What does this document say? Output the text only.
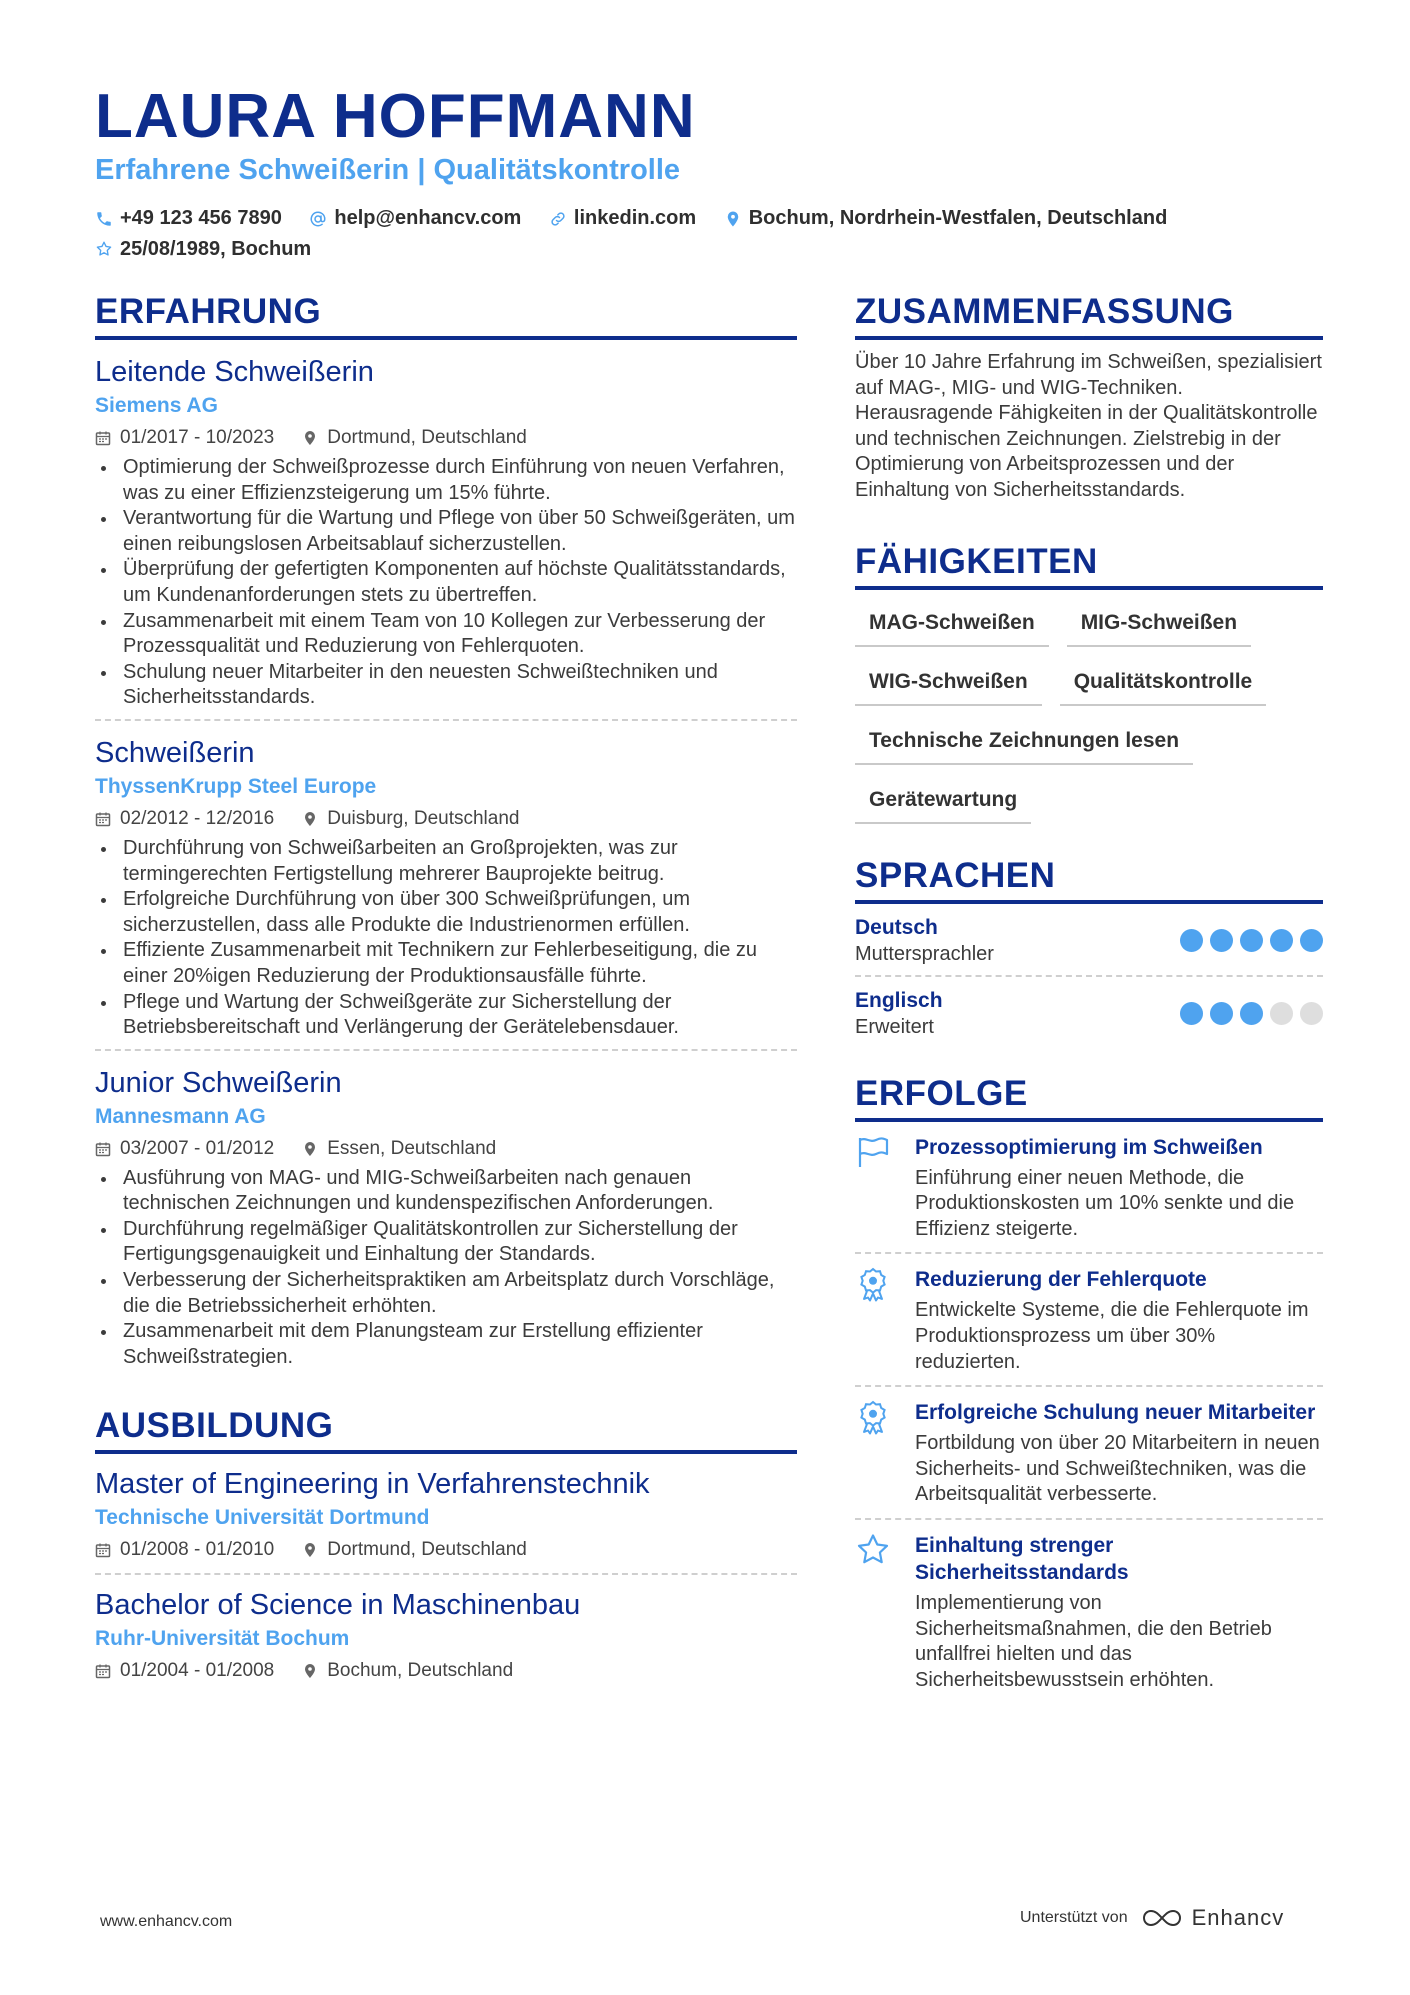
LAURA HOFFMANN
Erfahrene Schweißerin | Qualitätskontrolle
+49 123 456 7890
	help@enhancv.com
	linkedin.com
	Bochum, Nordrhein-Westfalen, Deutschland
25/08/1989, Bochum
ERFAHRUNG
Leitende Schweißerin
Siemens AG
01/2017 - 10/2023	Dortmund, Deutschland
Optimierung der Schweißprozesse durch Einführung von neuen Verfahren, was zu einer Effizienzsteigerung um 15% führte.
Verantwortung für die Wartung und Pflege von über 50 Schweißgeräten, um einen reibungslosen Arbeitsablauf sicherzustellen.
Überprüfung der gefertigten Komponenten auf höchste Qualitätsstandards, um Kundenanforderungen stets zu übertreffen.
Zusammenarbeit mit einem Team von 10 Kollegen zur Verbesserung der Prozessqualität und Reduzierung von Fehlerquoten.
Schulung neuer Mitarbeiter in den neuesten Schweißtechniken und Sicherheitsstandards.
Schweißerin
ThyssenKrupp Steel Europe
02/2012 - 12/2016	Duisburg, Deutschland
Durchführung von Schweißarbeiten an Großprojekten, was zur termingerechten Fertigstellung mehrerer Bauprojekte beitrug.
Erfolgreiche Durchführung von über 300 Schweißprüfungen, um sicherzustellen, dass alle Produkte die Industrienormen erfüllen.
Effiziente Zusammenarbeit mit Technikern zur Fehlerbeseitigung, die zu einer 20%igen Reduzierung der Produktionsausfälle führte.
Pflege und Wartung der Schweißgeräte zur Sicherstellung der Betriebsbereitschaft und Verlängerung der Gerätelebensdauer.
Junior Schweißerin
Mannesmann AG
03/2007 - 01/2012	Essen, Deutschland
Ausführung von MAG- und MIG-Schweißarbeiten nach genauen technischen Zeichnungen und kundenspezifischen Anforderungen.
Durchführung regelmäßiger Qualitätskontrollen zur Sicherstellung der Fertigungsgenauigkeit und Einhaltung der Standards.
Verbesserung der Sicherheitspraktiken am Arbeitsplatz durch Vorschläge, die die Betriebssicherheit erhöhten.
Zusammenarbeit mit dem Planungsteam zur Erstellung effizienter Schweißstrategien.
AUSBILDUNG
Master of Engineering in Verfahrenstechnik
Technische Universität Dortmund
01/2008 - 01/2010	Dortmund, Deutschland
Bachelor of Science in Maschinenbau
Ruhr-Universität Bochum
01/2004 - 01/2008	Bochum, Deutschland
ZUSAMMENFASSUNG
Über 10 Jahre Erfahrung im Schweißen, spezialisiert auf MAG-, MIG- und WIG-Techniken. Herausragende Fähigkeiten in der Qualitätskontrolle und technischen Zeichnungen. Zielstrebig in der Optimierung von Arbeitsprozessen und der Einhaltung von Sicherheitsstandards.
FÄHIGKEITEN
MAG-Schweißen	MIG-Schweißen
WIG-Schweißen	Qualitätskontrolle
Technische Zeichnungen lesen
Gerätewartung
SPRACHEN
Deutsch
Muttersprachler
Englisch
Erweitert
ERFOLGE
Prozessoptimierung im Schweißen
Einführung einer neuen Methode, die Produktionskosten um 10% senkte und die Effizienz steigerte.
Reduzierung der Fehlerquote
Entwickelte Systeme, die die Fehlerquote im Produktionsprozess um über 30% reduzierten.
Erfolgreiche Schulung neuer Mitarbeiter
Fortbildung von über 20 Mitarbeitern in neuen Sicherheits- und Schweißtechniken, was die Arbeitsqualität verbesserte.
Einhaltung strenger Sicherheitsstandards
Implementierung von Sicherheitsmaßnahmen, die den Betrieb unfallfrei hielten und das Sicherheitsbewusstsein erhöhten.
www.enhancv.com	Unterstützt von	Enhancv
